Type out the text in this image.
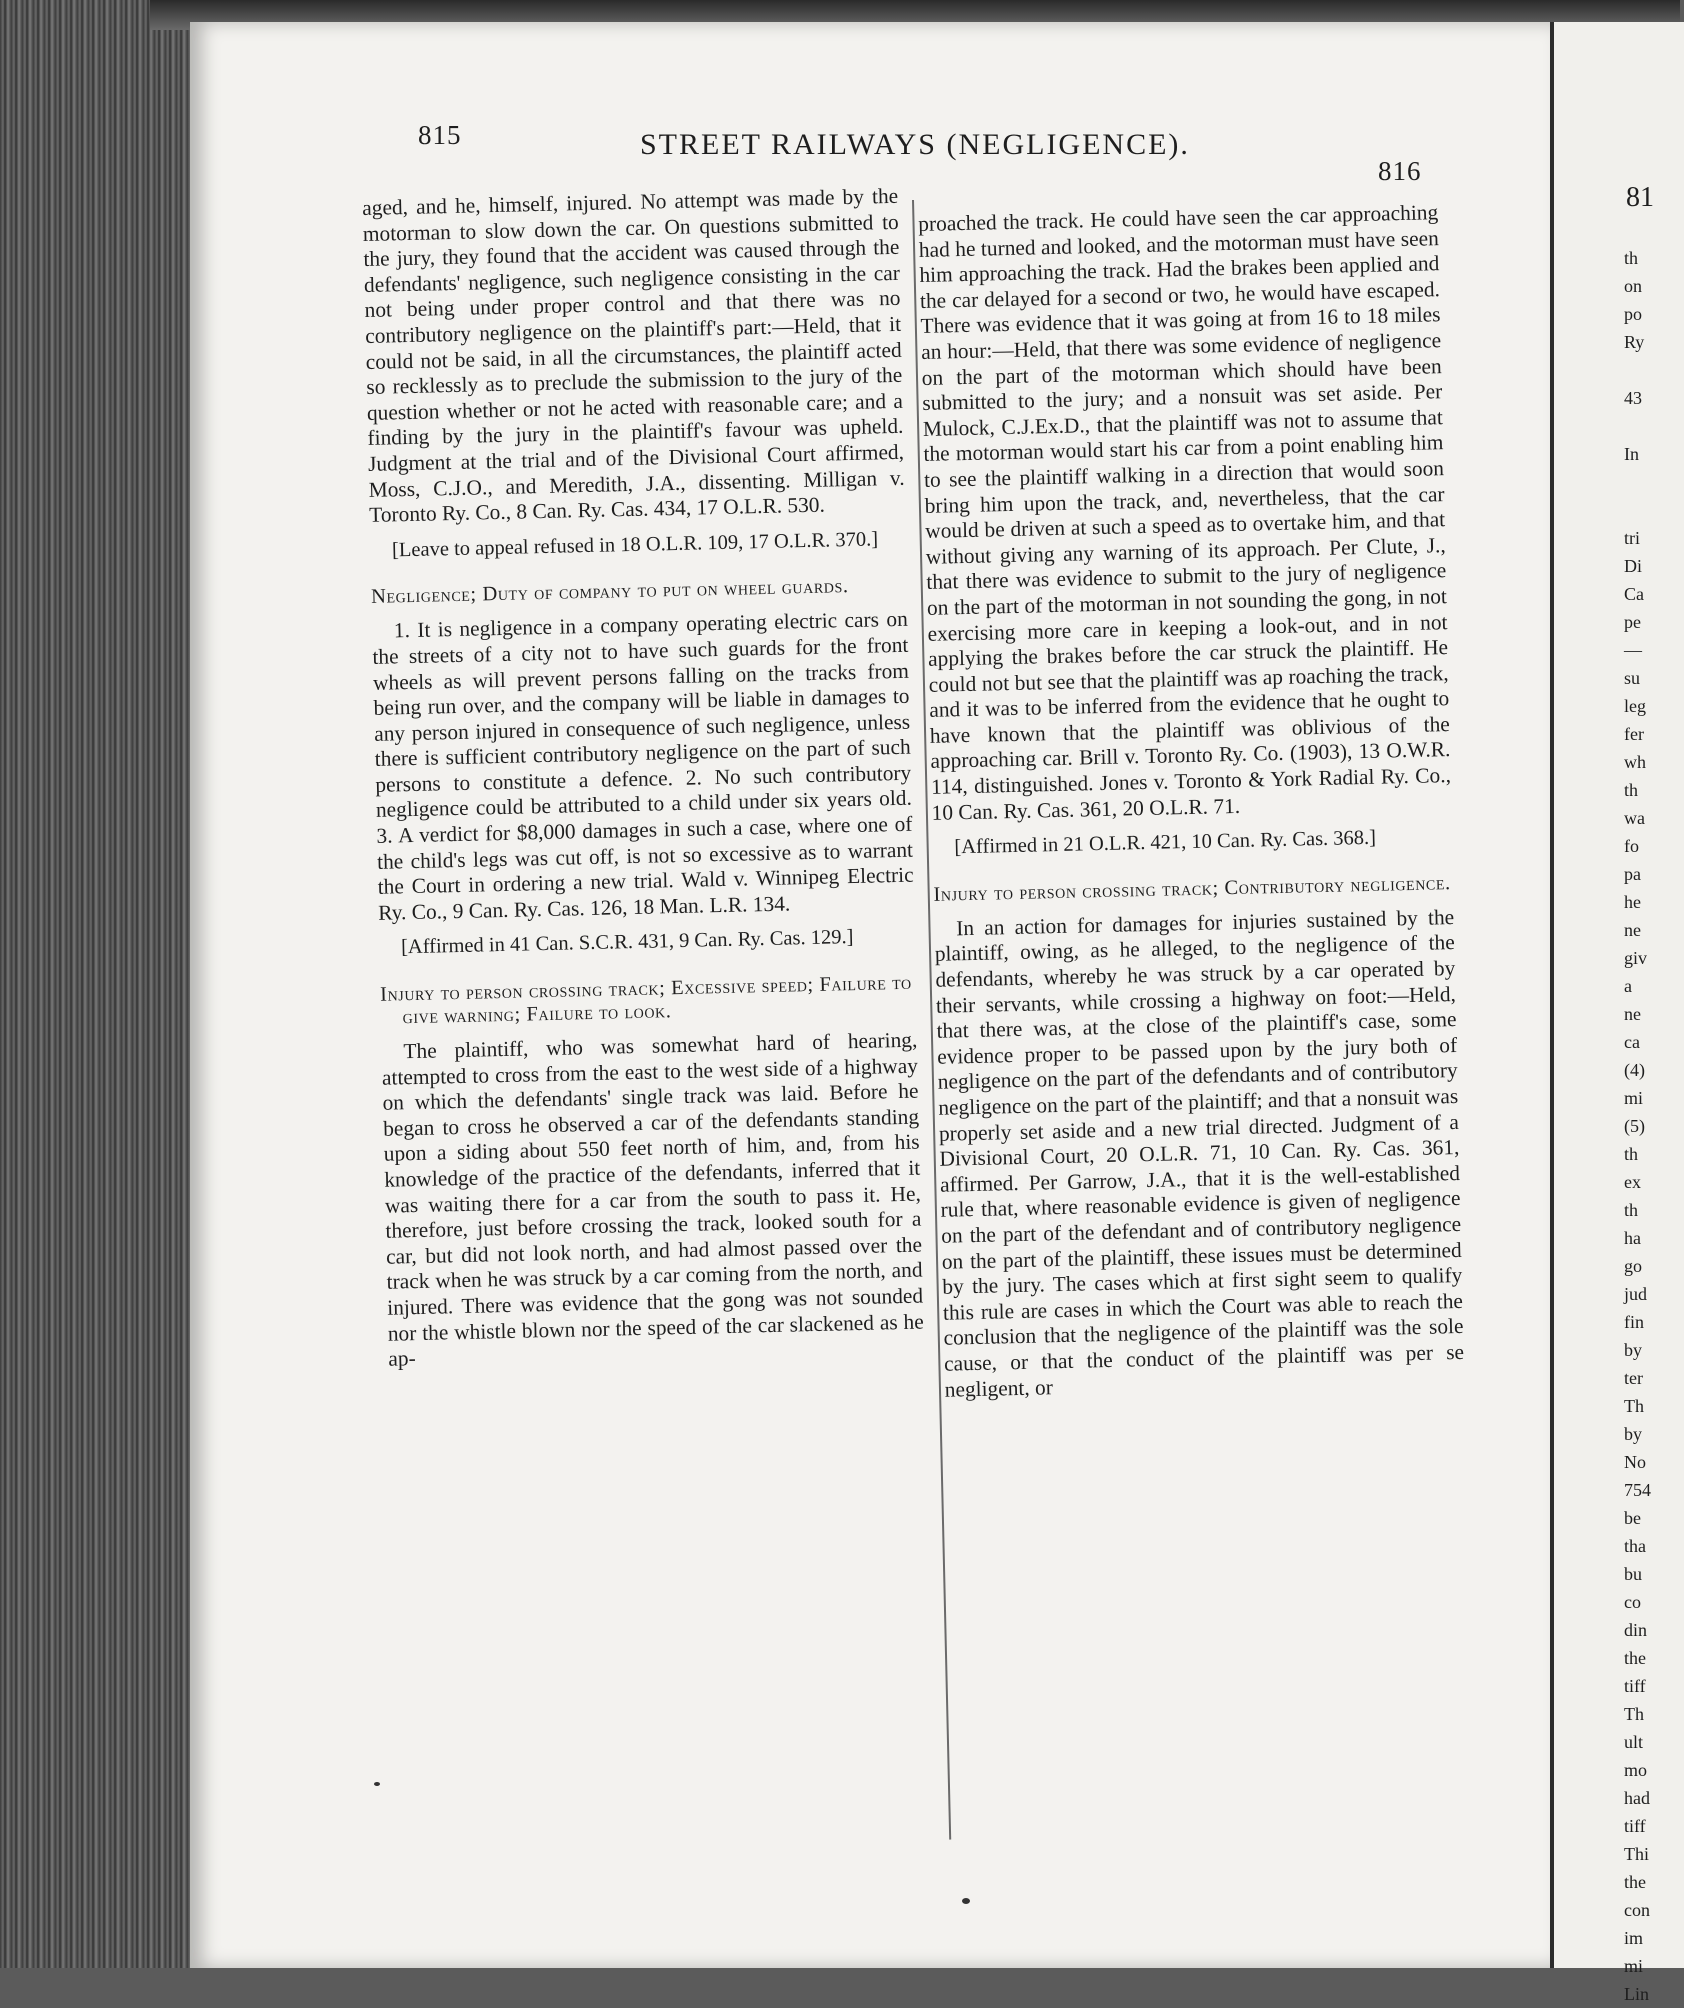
81
th
on
po
Ry

43

In

tri
Di
Ca
pe
—
su
leg
fer
wh
th
wa
fo
pa
he
ne
giv
a
ne
ca
(4)
mi
(5)
th
ex
th
ha
go
jud
fin
by
ter
Th
by
No
754
be
tha
bu
co
din
the
tiff
Th
ult
mo
had
tiff
Thi
the
con
im
mi
Lin
815	STREET RAILWAYS (NEGLIGENCE).
816

aged, and he, himself, injured. No attempt was made by the motorman to slow down the car. On questions submitted to the jury, they found that the accident was caused through the defendants' negligence, such negligence consisting in the car not being under proper control and that there was no contributory negligence on the plaintiff's part:—Held, that it could not be said, in all the circumstances, the plaintiff acted so recklessly as to preclude the submission to the jury of the question whether or not he acted with reasonable care; and a finding by the jury in the plaintiff's favour was upheld. Judgment at the trial and of the Divisional Court affirmed, Moss, C.J.O., and Meredith, J.A., dissenting. Milligan v. Toronto Ry. Co., 8 Can. Ry. Cas. 434, 17 O.L.R. 530.

[Leave to appeal refused in 18 O.L.R. 109, 17 O.L.R. 370.]

Negligence; Duty of company to put on wheel guards.

1. It is negligence in a company operating electric cars on the streets of a city not to have such guards for the front wheels as will prevent persons falling on the tracks from being run over, and the company will be liable in damages to any person injured in consequence of such negligence, unless there is sufficient contributory negligence on the part of such persons to constitute a defence. 2. No such contributory negligence could be attributed to a child under six years old. 3. A verdict for $8,000 damages in such a case, where one of the child's legs was cut off, is not so excessive as to warrant the Court in ordering a new trial. Wald v. Winnipeg Electric Ry. Co., 9 Can. Ry. Cas. 126, 18 Man. L.R. 134.

[Affirmed in 41 Can. S.C.R. 431, 9 Can. Ry. Cas. 129.]

Injury to person crossing track; Excessive speed; Failure to give warning; Failure to look.

The plaintiff, who was somewhat hard of hearing, attempted to cross from the east to the west side of a highway on which the defendants' single track was laid. Before he began to cross he observed a car of the defendants standing upon a siding about 550 feet north of him, and, from his knowledge of the practice of the defendants, inferred that it was waiting there for a car from the south to pass it. He, therefore, just before crossing the track, looked south for a car, but did not look north, and had almost passed over the track when he was struck by a car coming from the north, and injured. There was evidence that the gong was not sounded nor the whistle blown nor the speed of the car slackened as he ap-

proached the track. He could have seen the car approaching had he turned and looked, and the motorman must have seen him approaching the track. Had the brakes been applied and the car delayed for a second or two, he would have escaped. There was evidence that it was going at from 16 to 18 miles an hour:—Held, that there was some evidence of negligence on the part of the motorman which should have been submitted to the jury; and a nonsuit was set aside. Per Mulock, C.J.Ex.D., that the plaintiff was not to assume that the motorman would start his car from a point enabling him to see the plaintiff walking in a direction that would soon bring him upon the track, and, nevertheless, that the car would be driven at such a speed as to overtake him, and that without giving any warning of its approach. Per Clute, J., that there was evidence to submit to the jury of negligence on the part of the motorman in not sounding the gong, in not exercising more care in keeping a look-out, and in not applying the brakes before the car struck the plaintiff. He could not but see that the plaintiff was ap roaching the track, and it was to be inferred from the evidence that he ought to have known that the plaintiff was oblivious of the approaching car. Brill v. Toronto Ry. Co. (1903), 13 O.W.R. 114, distinguished. Jones v. Toronto & York Radial Ry. Co., 10 Can. Ry. Cas. 361, 20 O.L.R. 71.

[Affirmed in 21 O.L.R. 421, 10 Can. Ry. Cas. 368.]

Injury to person crossing track; Contributory negligence.

In an action for damages for injuries sustained by the plaintiff, owing, as he alleged, to the negligence of the defendants, whereby he was struck by a car operated by their servants, while crossing a highway on foot:—Held, that there was, at the close of the plaintiff's case, some evidence proper to be passed upon by the jury both of negligence on the part of the defendants and of contributory negligence on the part of the plaintiff; and that a nonsuit was properly set aside and a new trial directed. Judgment of a Divisional Court, 20 O.L.R. 71, 10 Can. Ry. Cas. 361, affirmed. Per Garrow, J.A., that it is the well-established rule that, where reasonable evidence is given of negligence on the part of the defendant and of contributory negligence on the part of the plaintiff, these issues must be determined by the jury. The cases which at first sight seem to qualify this rule are cases in which the Court was able to reach the conclusion that the negligence of the plaintiff was the sole cause, or that the conduct of the plaintiff was per se negligent, or
